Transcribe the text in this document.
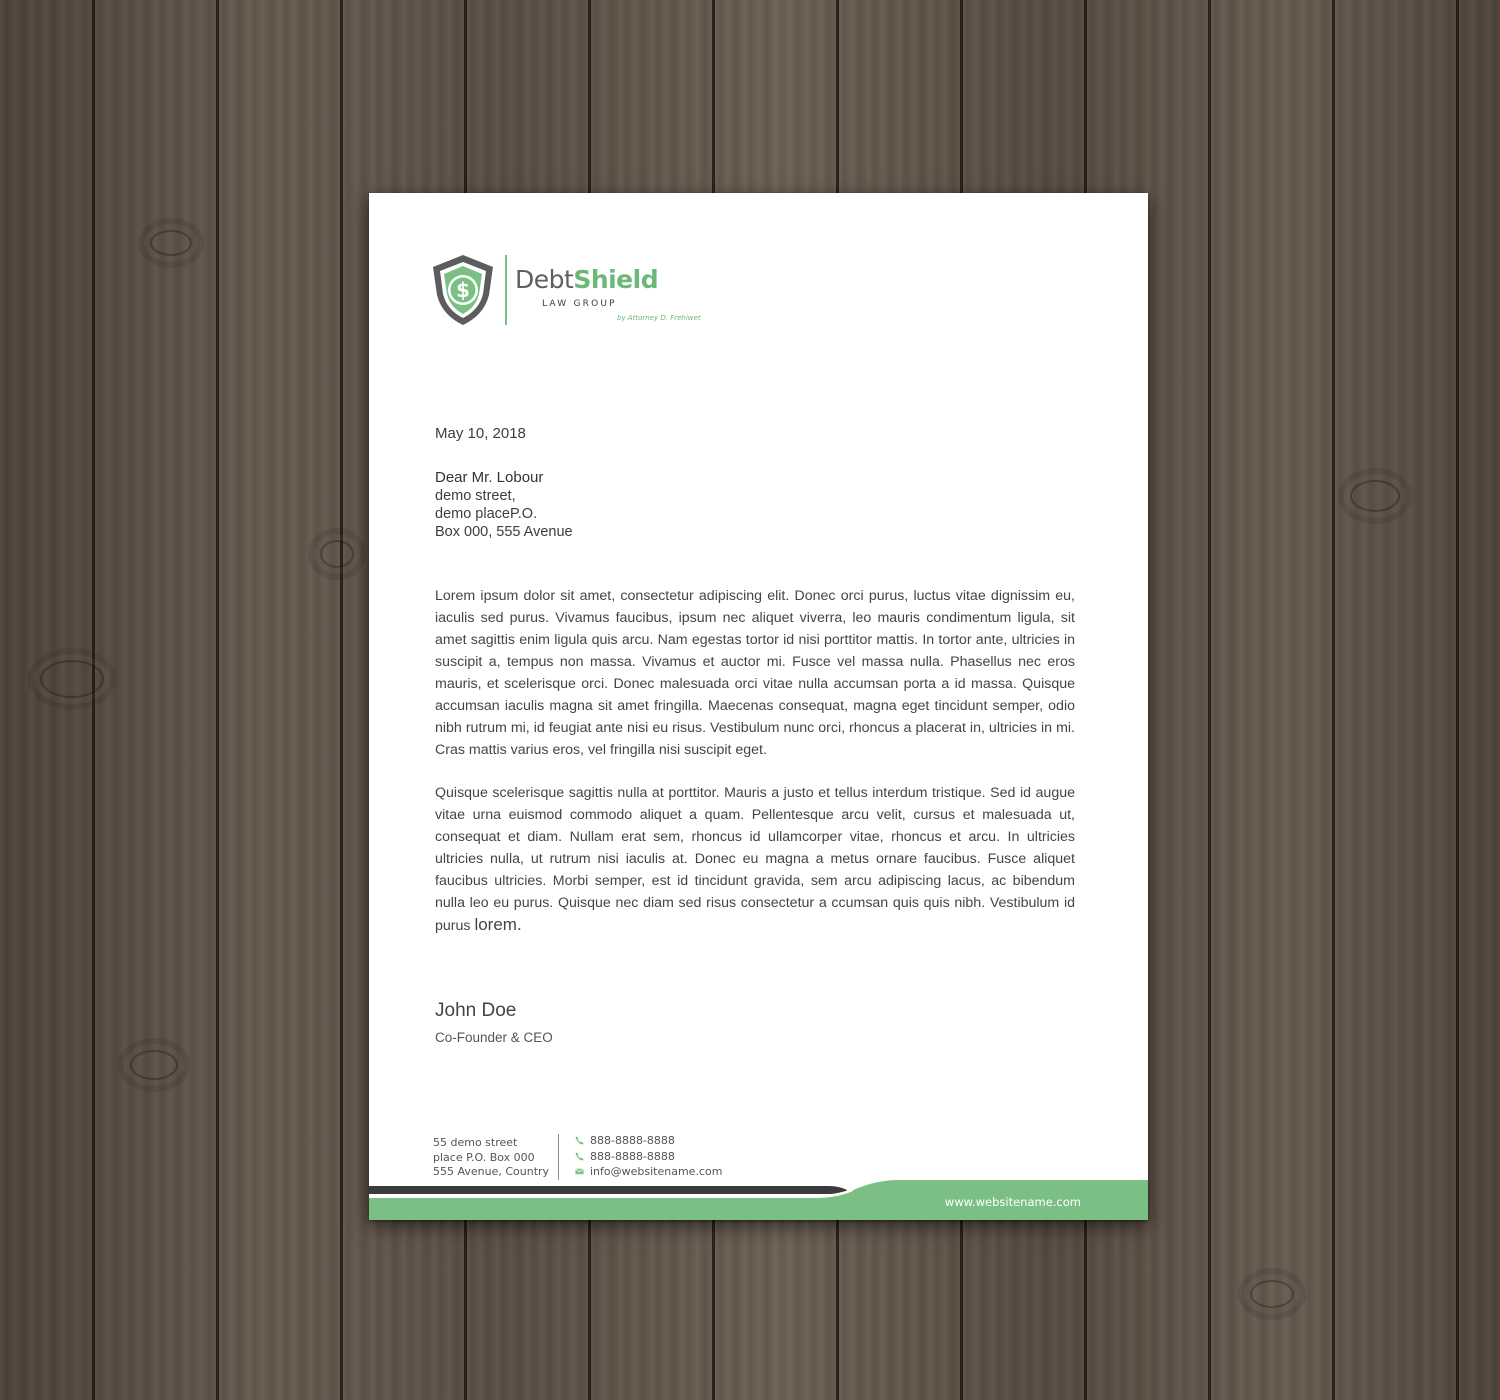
$ DebtShield
LAW GROUP
by Attorney D. Frehiwet
May 10, 2018
Dear Mr. Lobour
demo street,
demo placeP.O.
Box 000, 555 Avenue
Lorem ipsum dolor sit amet, consectetur adipiscing elit. Donec orci purus, luctus vitae dignissim eu, iaculis sed purus. Vivamus faucibus, ipsum nec aliquet viverra, leo mauris condimentum ligula, sit amet sagittis enim ligula quis arcu. Nam egestas tortor id nisi porttitor mattis. In tortor ante, ultricies in suscipit a, tempus non massa. Vivamus et auctor mi. Fusce vel massa nulla. Phasellus nec eros mauris, et scelerisque orci. Donec malesuada orci vitae nulla accumsan porta a id massa. Quisque accumsan iaculis magna sit amet fringilla. Maecenas consequat, magna eget tincidunt semper, odio nibh rutrum mi, id feugiat ante nisi eu risus. Vestibulum nunc orci, rhoncus a placerat in, ultricies in mi. Cras mattis varius eros, vel fringilla nisi suscipit eget.
Quisque scelerisque sagittis nulla at porttitor. Mauris a justo et tellus interdum tristique. Sed id augue vitae urna euismod commodo aliquet a quam. Pellentesque arcu velit, cursus et malesuada ut, consequat et diam. Nullam erat sem, rhoncus id ullamcorper vitae, rhoncus et arcu. In ultricies ultricies nulla, ut rutrum nisi iaculis at. Donec eu magna a metus ornare faucibus. Fusce aliquet faucibus ultricies. Morbi semper, est id tincidunt gravida, sem arcu adipiscing lacus, ac bibendum nulla leo eu purus. Quisque nec diam sed risus consectetur a ccumsan quis quis nibh. Vestibulum id purus lorem.
John Doe
Co-Founder & CEO
55 demo street
place P.O. Box 000
555 Avenue, Country
888-8888-8888
888-8888-8888
info@websitename.com
www.websitename.com
